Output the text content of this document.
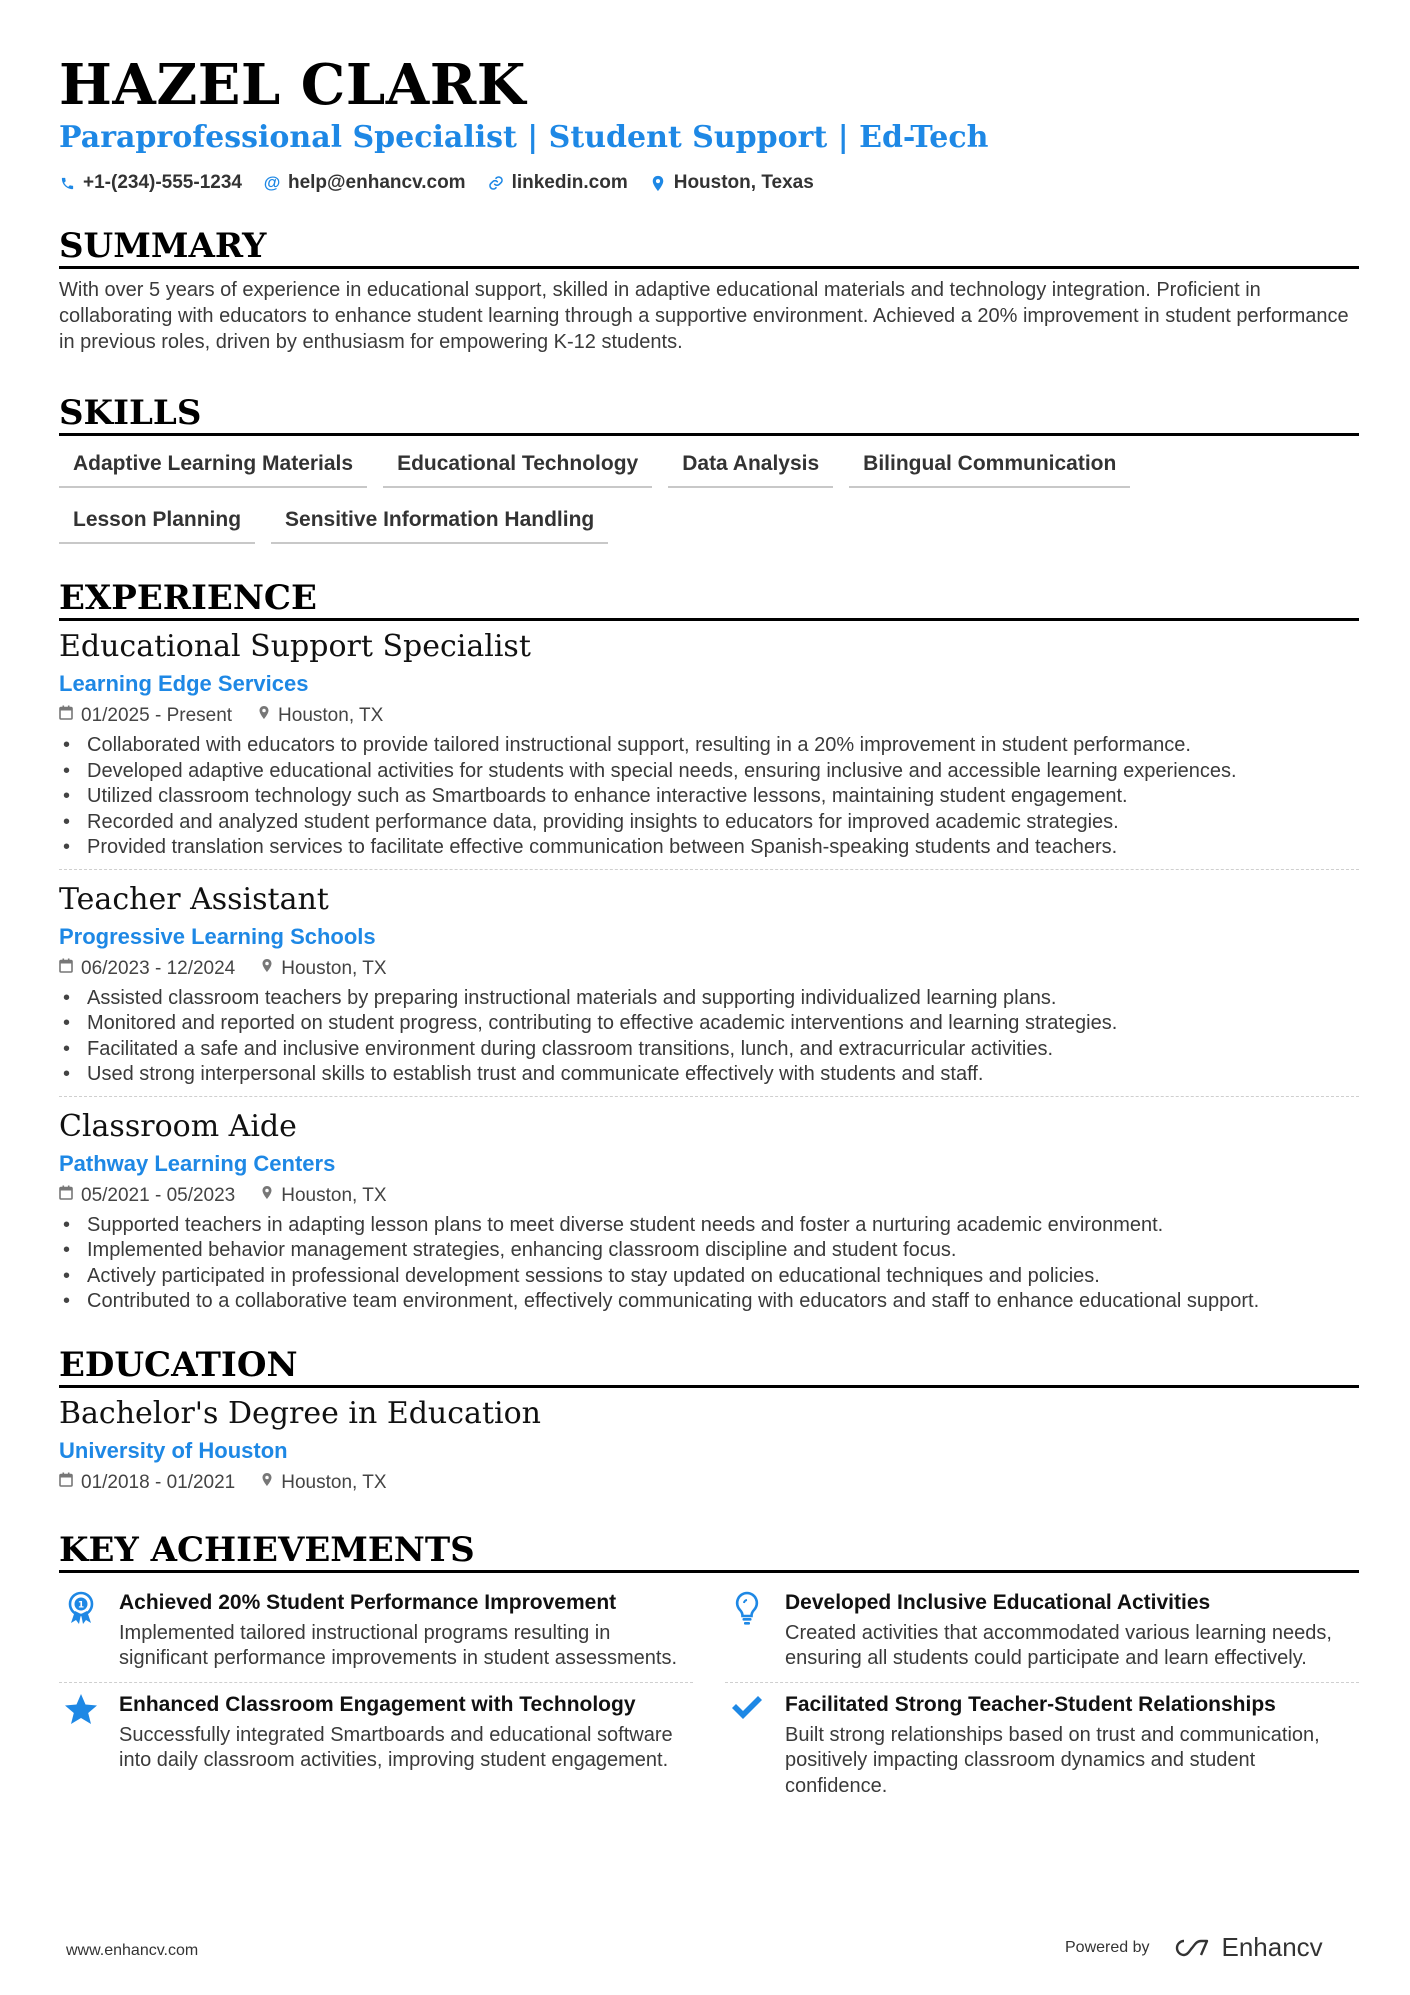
HAZEL CLARK
Paraprofessional Specialist | Student Support | Ed-Tech
+1-(234)-555-1234 @ help@enhancv.com linkedin.com Houston, Texas
SUMMARY
With over 5 years of experience in educational support, skilled in adaptive educational materials and technology integration. Proficient in collaborating with educators to enhance student learning through a supportive environment. Achieved a 20% improvement in student performance in previous roles, driven by enthusiasm for empowering K-12 students.
SKILLS
Adaptive Learning Materials	Educational Technology	Data Analysis	Bilingual Communication
Lesson Planning	Sensitive Information Handling
EXPERIENCE
Educational Support Specialist
Learning Edge Services
01/2025 - Present Houston, TX
• Collaborated with educators to provide tailored instructional support, resulting in a 20% improvement in student performance.
• Developed adaptive educational activities for students with special needs, ensuring inclusive and accessible learning experiences.
• Utilized classroom technology such as Smartboards to enhance interactive lessons, maintaining student engagement.
• Recorded and analyzed student performance data, providing insights to educators for improved academic strategies.
• Provided translation services to facilitate effective communication between Spanish-speaking students and teachers.
Teacher Assistant
Progressive Learning Schools
06/2023 - 12/2024 Houston, TX
• Assisted classroom teachers by preparing instructional materials and supporting individualized learning plans.
• Monitored and reported on student progress, contributing to effective academic interventions and learning strategies.
• Facilitated a safe and inclusive environment during classroom transitions, lunch, and extracurricular activities.
• Used strong interpersonal skills to establish trust and communicate effectively with students and staff.
Classroom Aide
Pathway Learning Centers
05/2021 - 05/2023 Houston, TX
• Supported teachers in adapting lesson plans to meet diverse student needs and foster a nurturing academic environment.
• Implemented behavior management strategies, enhancing classroom discipline and student focus.
• Actively participated in professional development sessions to stay updated on educational techniques and policies.
• Contributed to a collaborative team environment, effectively communicating with educators and staff to enhance educational support.
EDUCATION
Bachelor's Degree in Education
University of Houston
01/2018 - 01/2021 Houston, TX
KEY ACHIEVEMENTS
1 Achieved 20% Student Performance Improvement
Implemented tailored instructional programs resulting in significant performance improvements in student assessments.
Developed Inclusive Educational Activities
Created activities that accommodated various learning needs, ensuring all students could participate and learn effectively.
Enhanced Classroom Engagement with Technology
Successfully integrated Smartboards and educational software into daily classroom activities, improving student engagement.
Facilitated Strong Teacher-Student Relationships
Built strong relationships based on trust and communication, positively impacting classroom dynamics and student confidence.
www.enhancv.com	Powered by	Enhancv
